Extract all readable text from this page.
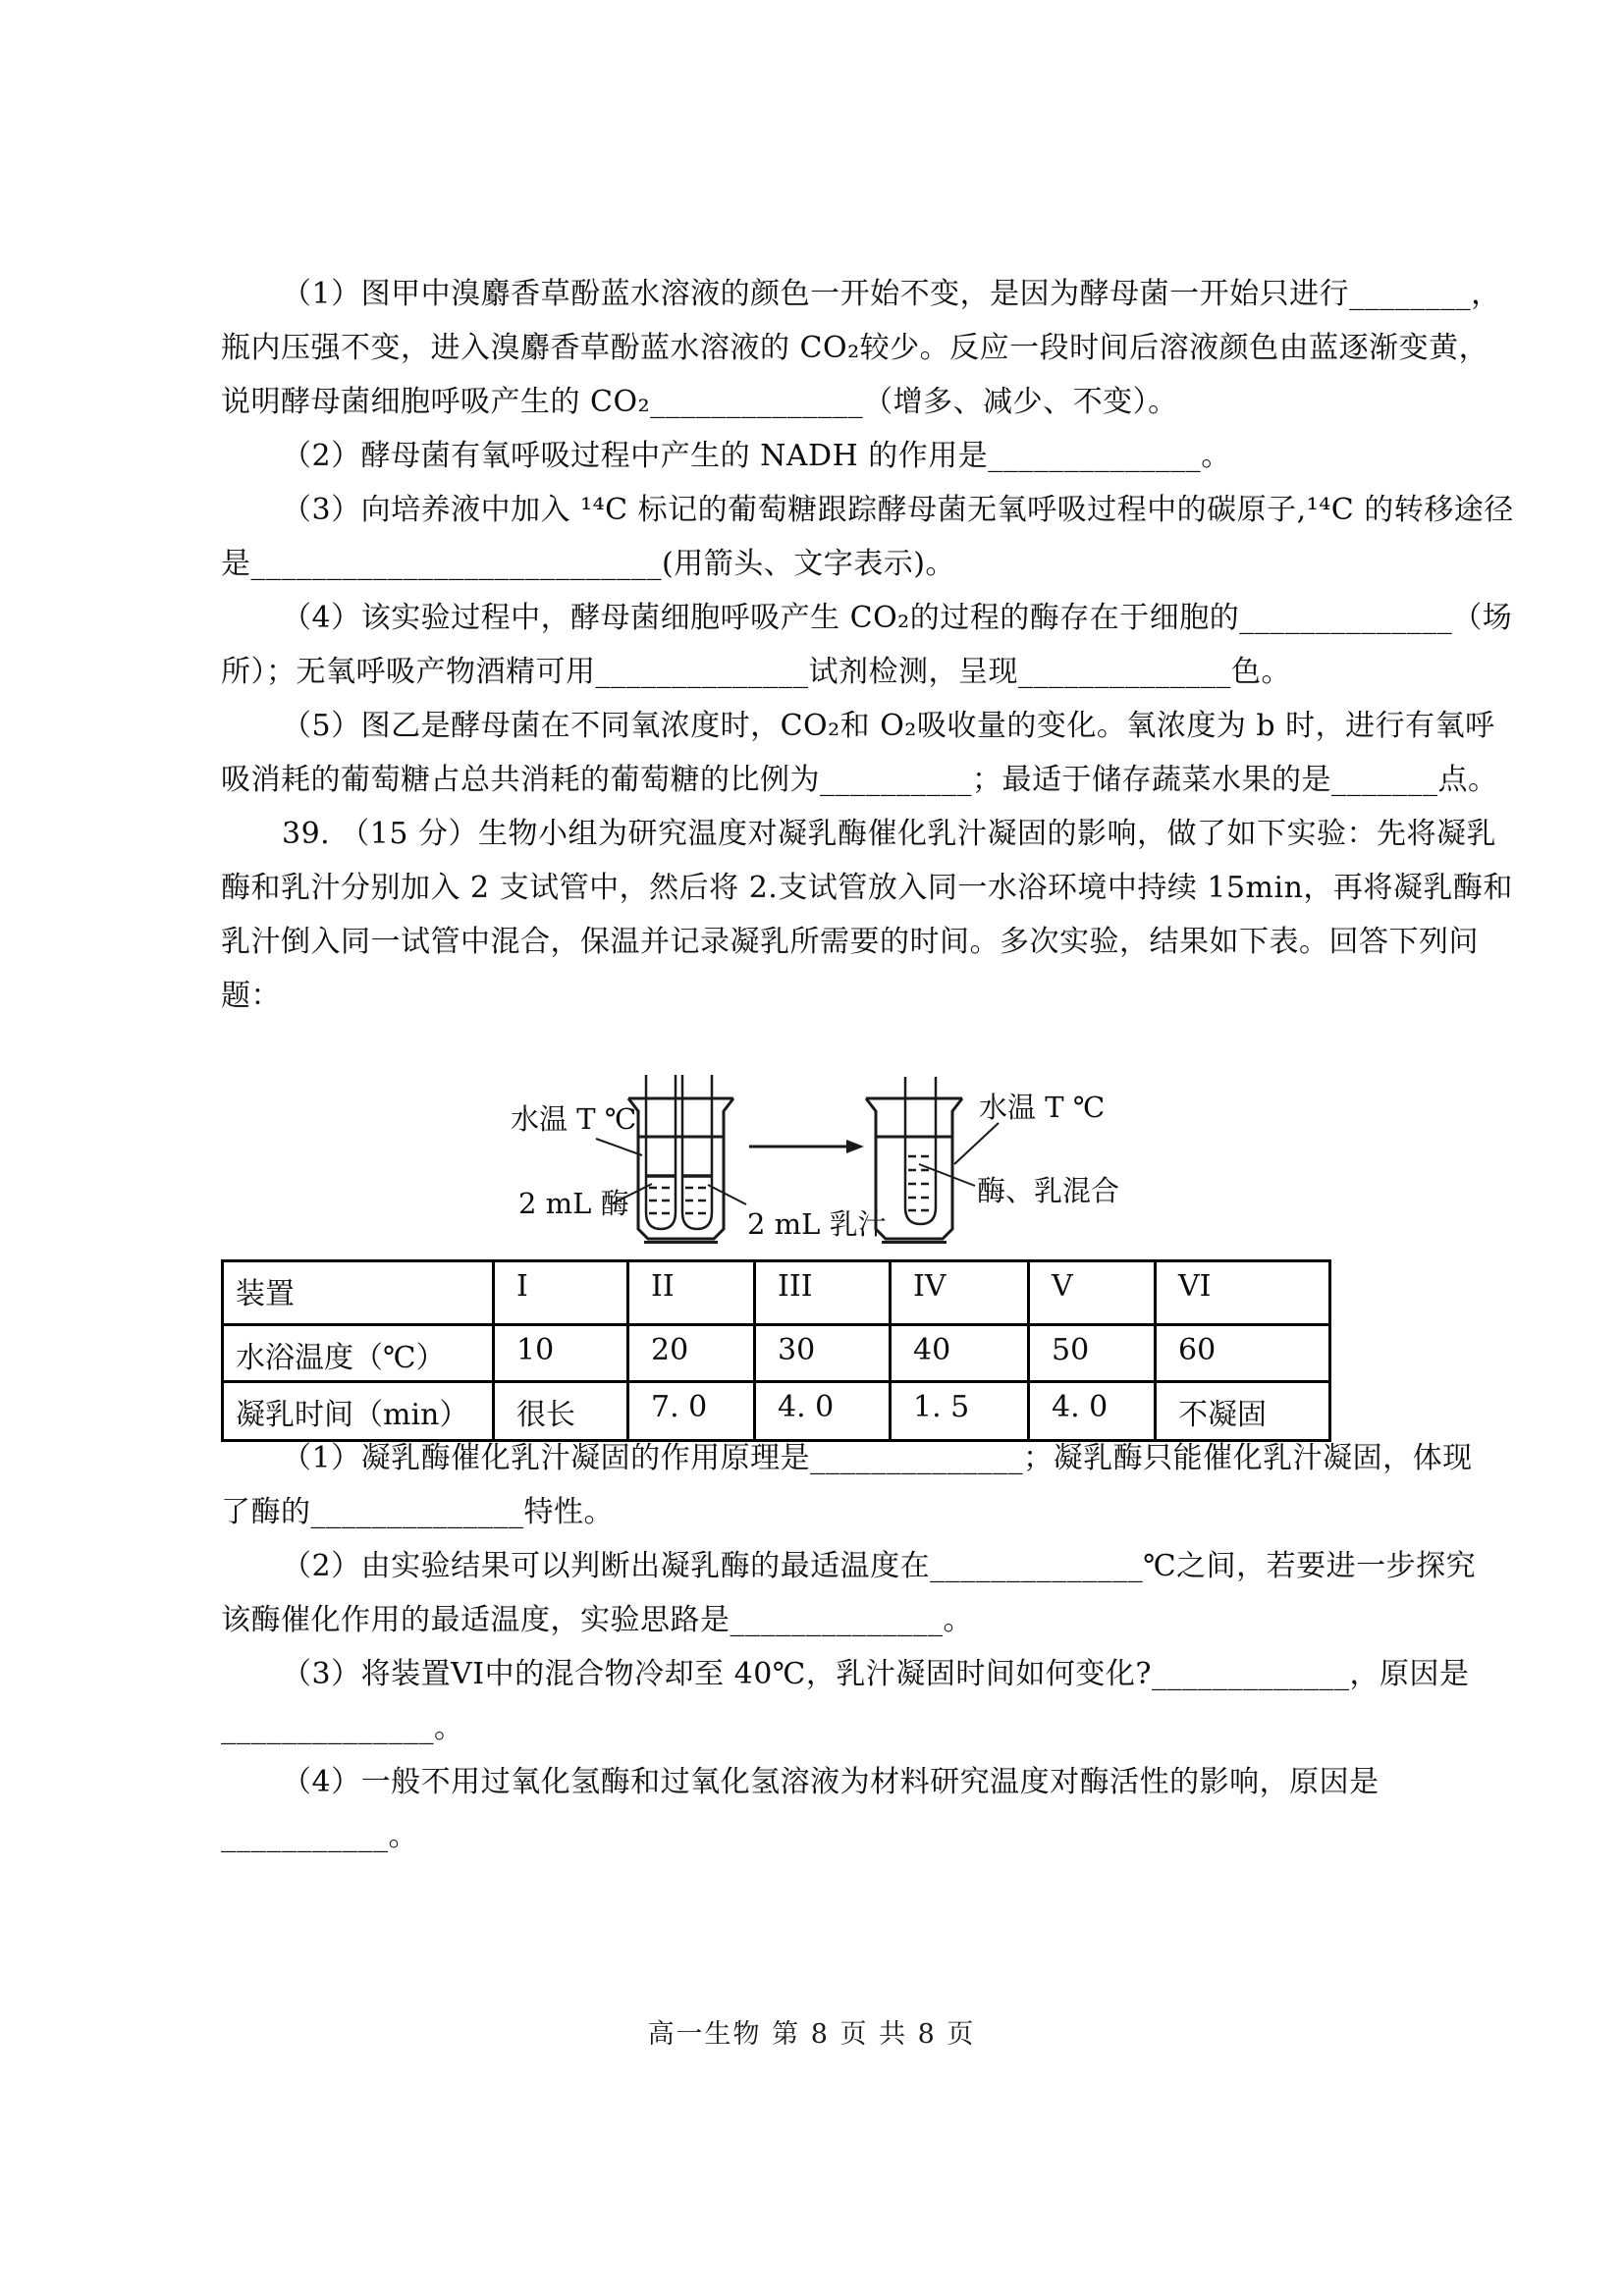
（1）图甲中溴麝香草酚蓝水溶液的颜色一开始不变，是因为酵母菌一开始只进行________，
瓶内压强不变，进入溴麝香草酚蓝水溶液的 CO₂较少。反应一段时间后溶液颜色由蓝逐渐变黄，
说明酵母菌细胞呼吸产生的 CO₂______________（增多、减少、不变）。
（2）酵母菌有氧呼吸过程中产生的 NADH 的作用是______________。
（3）向培养液中加入 ¹⁴C 标记的葡萄糖跟踪酵母菌无氧呼吸过程中的碳原子,¹⁴C 的转移途径
是___________________________(用箭头、文字表示)。
（4）该实验过程中，酵母菌细胞呼吸产生 CO₂的过程的酶存在于细胞的______________（场
所）；无氧呼吸产物酒精可用______________试剂检测，呈现______________色。
（5）图乙是酵母菌在不同氧浓度时，CO₂和 O₂吸收量的变化。氧浓度为 b 时，进行有氧呼
吸消耗的葡萄糖占总共消耗的葡萄糖的比例为__________；最适于储存蔬菜水果的是_______点。
39. （15 分）生物小组为研究温度对凝乳酶催化乳汁凝固的影响，做了如下实验：先将凝乳
酶和乳汁分别加入 2 支试管中，然后将 2.支试管放入同一水浴环境中持续 15min，再将凝乳酶和
乳汁倒入同一试管中混合，保温并记录凝乳所需要的时间。多次实验，结果如下表。回答下列问
题：
水温 T ℃
2 mL 酶
2 mL 乳汁
水温 T ℃
酶、乳混合
装置	I	II	III	IV	V	VI
水浴温度（℃）	10	20	30	40	50	60
凝乳时间（min）	很长	7. 0	4. 0	1. 5	4. 0	不凝固
（1）凝乳酶催化乳汁凝固的作用原理是______________；凝乳酶只能催化乳汁凝固，体现
了酶的______________特性。
（2）由实验结果可以判断出凝乳酶的最适温度在______________℃之间，若要进一步探究
该酶催化作用的最适温度，实验思路是______________。
（3）将装置VI中的混合物冷却至 40℃，乳汁凝固时间如何变化?_____________，原因是
______________。
（4）一般不用过氧化氢酶和过氧化氢溶液为材料研究温度对酶活性的影响，原因是
___________。
高一生物 第 8 页 共 8 页
